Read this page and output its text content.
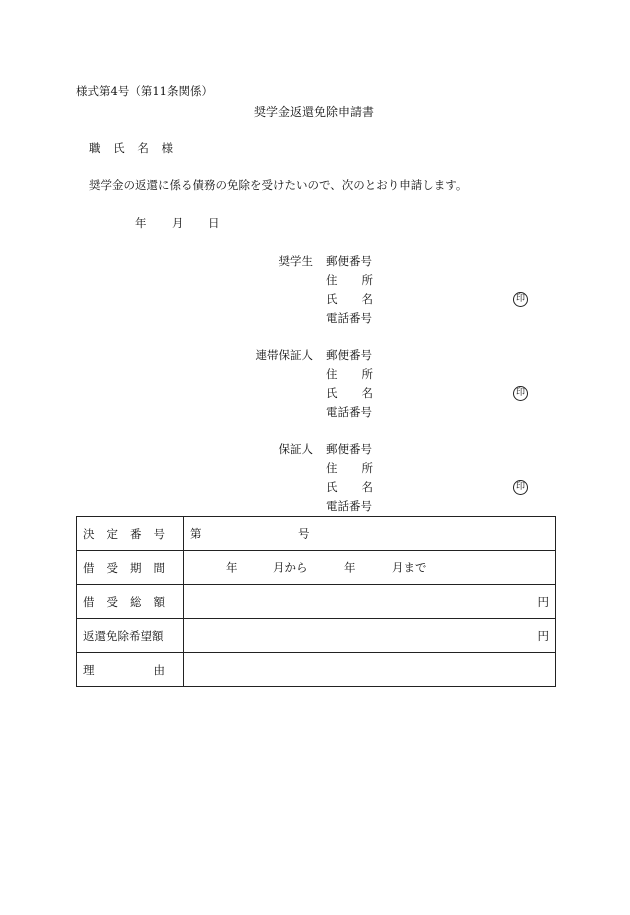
様式第4号（第11条関係）
奨学金返還免除申請書
職 氏 名 様
奨学金の返還に係る債務の免除を受けたいので、次のとおり申請します。
年 月 日
奨学生 郵便番号
住 所
氏 名	印
電話番号
連帯保証人 郵便番号
住 所
氏 名	印
電話番号
保証人 郵便番号
住 所
氏 名	印
電話番号
決 定 番 号	第 号

借 受 期 間	年 月から 年 月まで

借 受 総 額	円

返還免除希望額	円

理 由	
